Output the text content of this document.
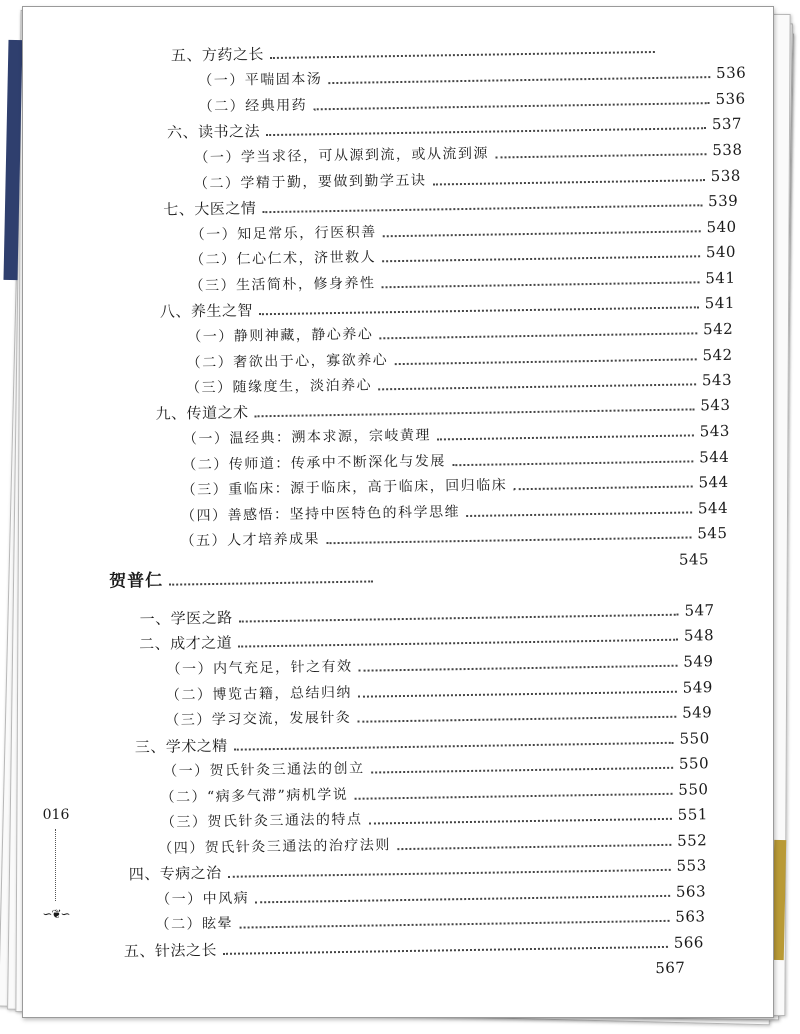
五、方药之长
（一）平喘固本汤	536
（二）经典用药	536
六、读书之法	537
（一）学当求径，可从源到流，或从流到源	538
（二）学精于勤，要做到勤学五诀	538
七、大医之情	539
（一）知足常乐，行医积善	540
（二）仁心仁术，济世救人	540
（三）生活简朴，修身养性	541
八、养生之智	541
（一）静则神藏，静心养心	542
（二）奢欲出于心，寡欲养心	542
（三）随缘度生，淡泊养心	543
九、传道之术	543
（一）温经典：溯本求源，宗岐黄理	543
（二）传师道：传承中不断深化与发展	544
（三）重临床：源于临床，高于临床，回归临床	544
（四）善感悟：坚持中医特色的科学思维	544
（五）人才培养成果	545
545
贺普仁
一、学医之路	547
二、成才之道	548
（一）内气充足，针之有效	549
（二）博览古籍，总结归纳	549
（三）学习交流，发展针灸	549
三、学术之精	550
（一）贺氏针灸三通法的创立	550
（二）“病多气滞”病机学说	550
（三）贺氏针灸三通法的特点	551
（四）贺氏针灸三通法的治疗法则	552
四、专病之治	553
（一）中风病	563
（二）眩晕	563
五、针法之长	566
567
016
∽❦∽
